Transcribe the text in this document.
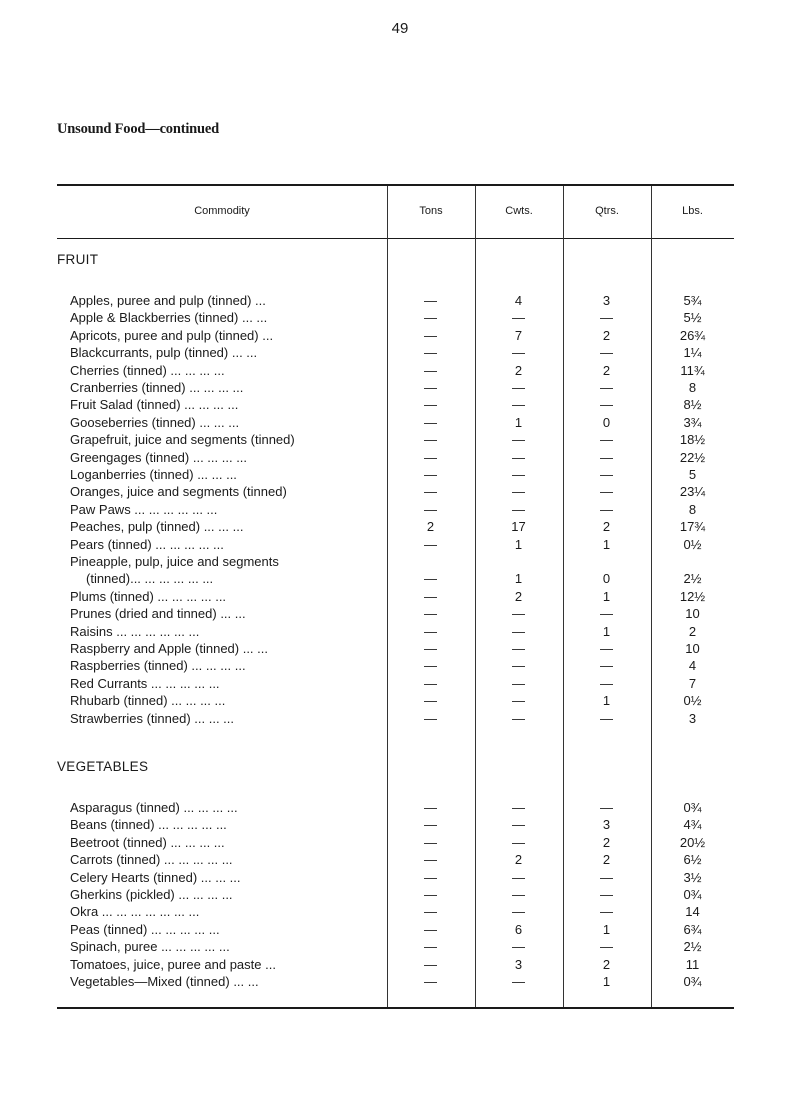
49
Unsound Food—continued
Commodity	Tons	Cwts.	Qtrs.	Lbs.
FRUIT
Apples, puree and pulp (tinned) ...	—	4	3	5¾
Apple & Blackberries (tinned) ... ...	—	—	—	5½
Apricots, puree and pulp (tinned) ...	—	7	2	26¾
Blackcurrants, pulp (tinned) ... ...	—	—	—	1¼
Cherries (tinned) ... ... ... ...	—	2	2	11¾
Cranberries (tinned) ... ... ... ...	—	—	—	8
Fruit Salad (tinned) ... ... ... ...	—	—	—	8½
Gooseberries (tinned) ... ... ...	—	1	0	3¾
Grapefruit, juice and segments (tinned)	—	—	—	18½
Greengages (tinned) ... ... ... ...	—	—	—	22½
Loganberries (tinned) ... ... ...	—	—	—	5
Oranges, juice and segments (tinned)	—	—	—	23¼
Paw Paws ... ... ... ... ... ...	—	—	—	8
Peaches, pulp (tinned) ... ... ...	2	17	2	17¾
Pears (tinned) ... ... ... ... ...	—	1	1	0½
Pineapple, pulp, juice and segments
(tinned)... ... ... ... ... ...	—	1	0	2½
Plums (tinned) ... ... ... ... ...	—	2	1	12½
Prunes (dried and tinned) ... ...	—	—	—	10
Raisins ... ... ... ... ... ...	—	—	1	2
Raspberry and Apple (tinned) ... ...	—	—	—	10
Raspberries (tinned) ... ... ... ...	—	—	—	4
Red Currants ... ... ... ... ...	—	—	—	7
Rhubarb (tinned) ... ... ... ...	—	—	1	0½
Strawberries (tinned) ... ... ...	—	—	—	3
VEGETABLES
Asparagus (tinned) ... ... ... ...	—	—	—	0¾
Beans (tinned) ... ... ... ... ...	—	—	3	4¾
Beetroot (tinned) ... ... ... ...	—	—	2	20½
Carrots (tinned) ... ... ... ... ...	—	2	2	6½
Celery Hearts (tinned) ... ... ...	—	—	—	3½
Gherkins (pickled) ... ... ... ...	—	—	—	0¾
Okra ... ... ... ... ... ... ...	—	—	—	14
Peas (tinned) ... ... ... ... ...	—	6	1	6¾
Spinach, puree ... ... ... ... ...	—	—	—	2½
Tomatoes, juice, puree and paste ...	—	3	2	11
Vegetables—Mixed (tinned) ... ...	—	—	1	0¾
